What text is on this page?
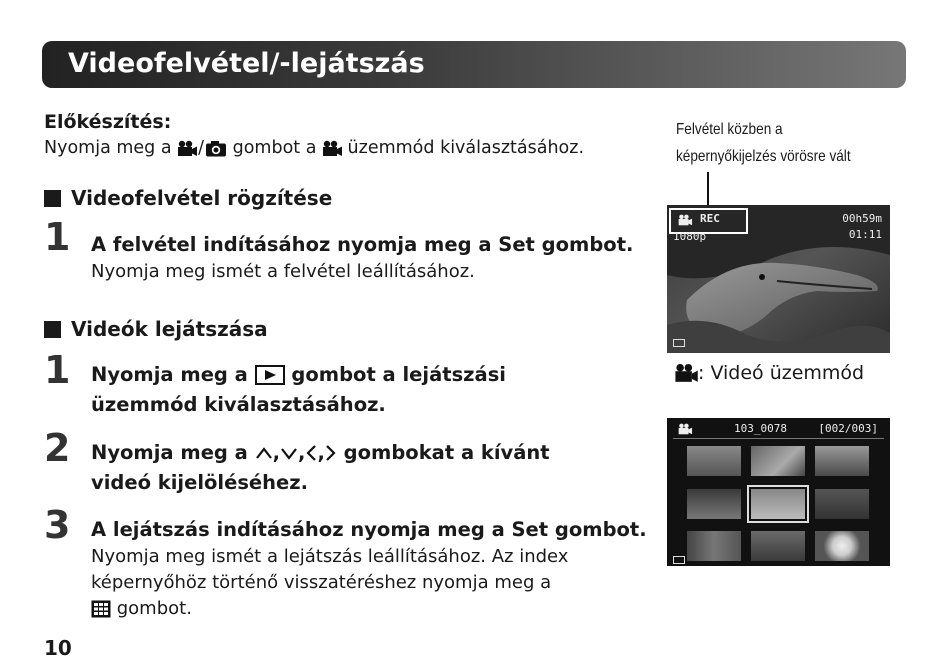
Videofelvétel/-lejátszás
Előkészítés:
Nyomja meg a / gombot a üzemmód kiválasztásához.
Videofelvétel rögzítése
1 A felvétel indításához nyomja meg a Set gombot.
Nyomja meg ismét a felvétel leállításához.
Videók lejátszása
1 Nyomja meg a gombot a lejátszási
üzemmód kiválasztásához.
2 Nyomja meg a , , , gombokat a kívánt
videó kijelöléséhez.
3 A lejátszás indításához nyomja meg a Set gombot.
Nyomja meg ismét a lejátszás leállításához. Az index
képernyőhöz történő visszatéréshez nyomja meg a
gombot.
10
Felvétel közben a
képernyőkijelzés vörösre vált
REC
1080p
00h59m
01:11
: Videó üzemmód
103_0078	[002/003]
